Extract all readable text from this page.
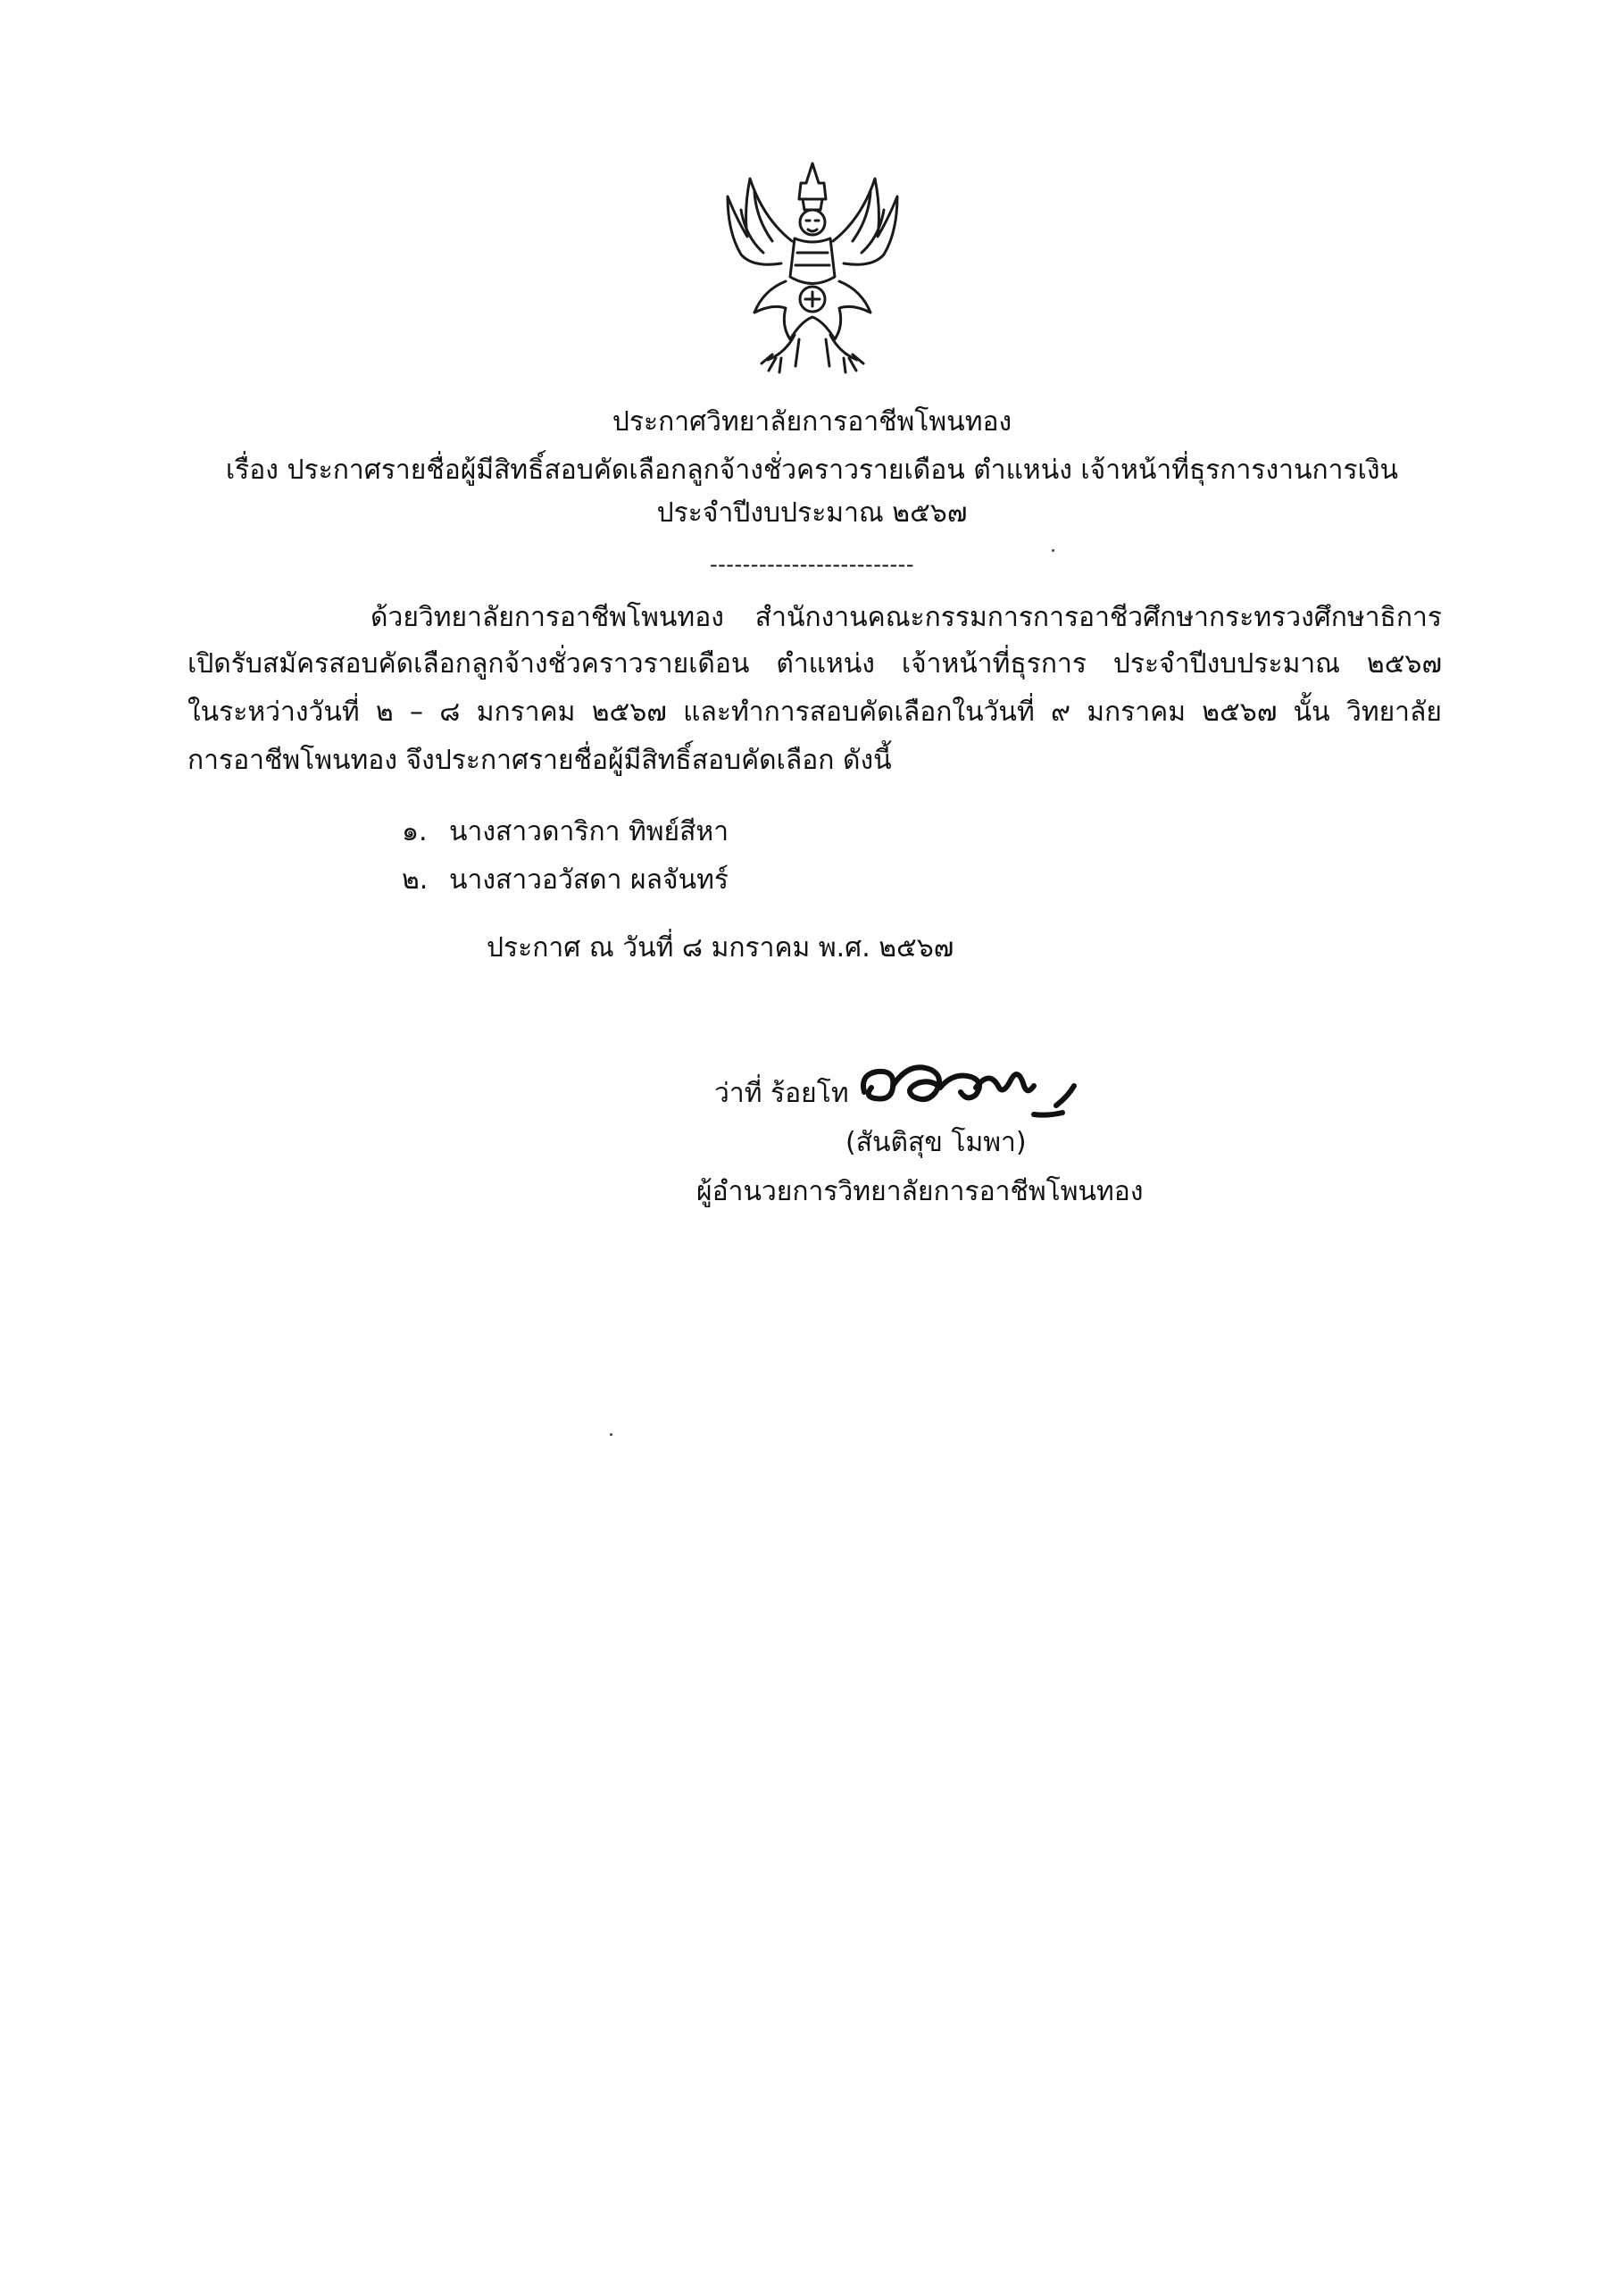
ประกาศวิทยาลัยการอาชีพโพนทอง
เรื่อง ประกาศรายชื่อผู้มีสิทธิ์สอบคัดเลือกลูกจ้างชั่วคราวรายเดือน ตำแหน่ง เจ้าหน้าที่ธุรการงานการเงิน
ประจำปีงบประมาณ ๒๕๖๗
-------------------------
ด้วยวิทยาลัยการอาชีพโพนทอง สำนักงานคณะกรรมการการอาชีวศึกษากระทรวงศึกษาธิการ
เปิดรับสมัครสอบคัดเลือกลูกจ้างชั่วคราวรายเดือน ตำแหน่ง เจ้าหน้าที่ธุรการ ประจำปีงบประมาณ ๒๕๖๗
ในระหว่างวันที่ ๒ – ๘ มกราคม ๒๕๖๗ และทำการสอบคัดเลือกในวันที่ ๙ มกราคม ๒๕๖๗ นั้น วิทยาลัย
การอาชีพโพนทอง จึงประกาศรายชื่อผู้มีสิทธิ์สอบคัดเลือก ดังนี้
๑. นางสาวดาริกา ทิพย์สีหา
๒. นางสาวอวัสดา ผลจันทร์
ประกาศ ณ วันที่ ๘ มกราคม พ.ศ. ๒๕๖๗
ว่าที่ ร้อยโท
(สันติสุข โมพา)
ผู้อำนวยการวิทยาลัยการอาชีพโพนทอง
